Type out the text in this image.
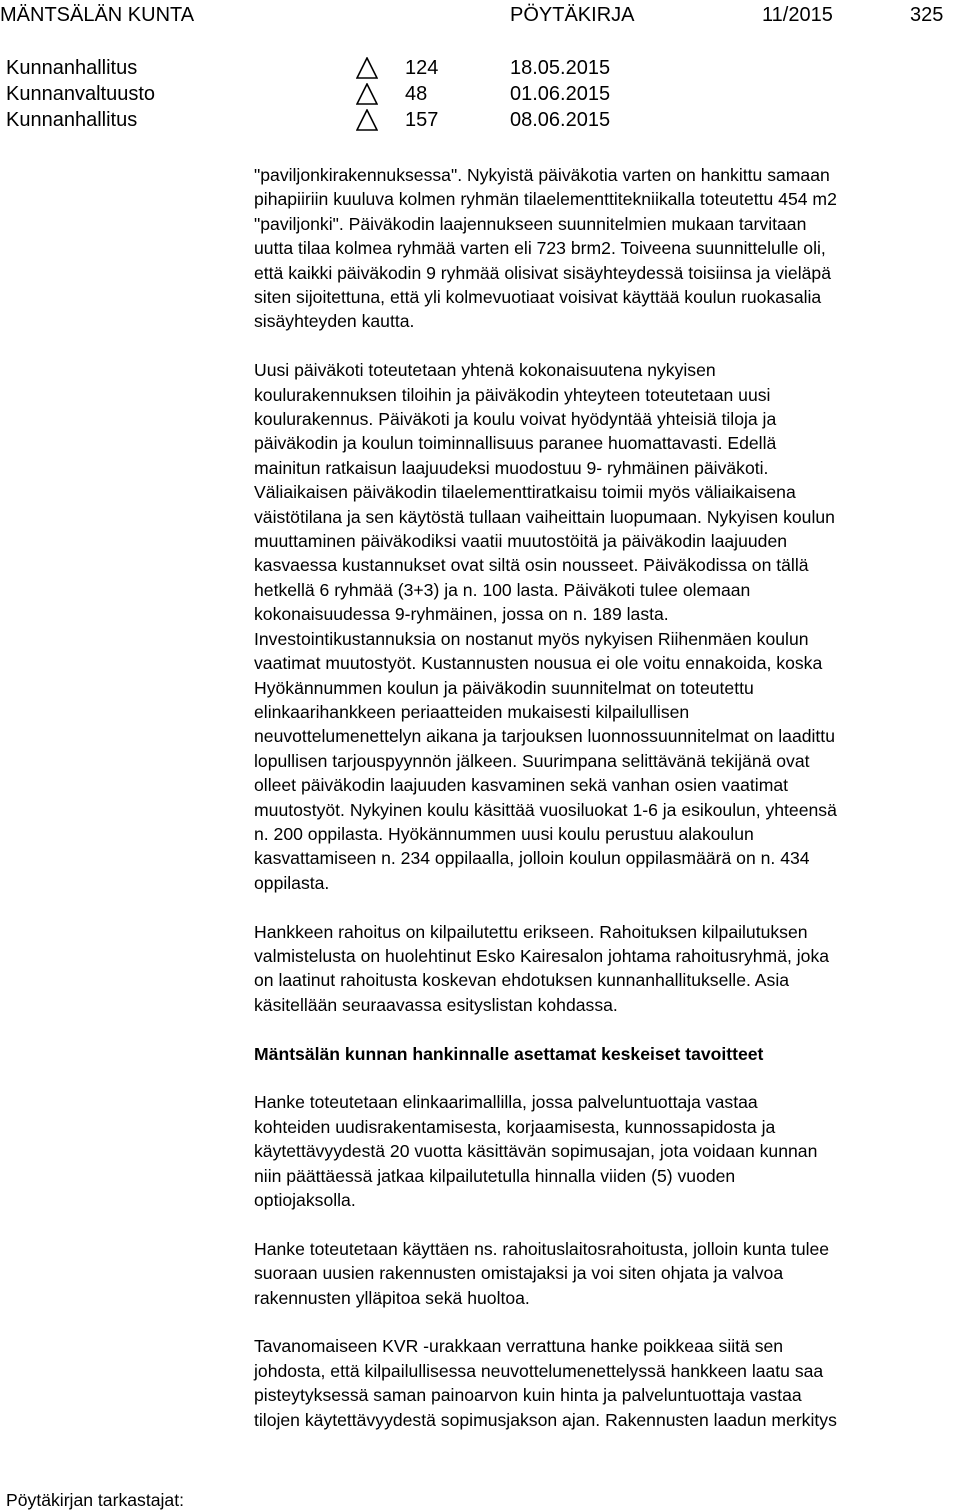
MÄNTSÄLÄN KUNTA	PÖYTÄKIRJA	11/2015	325
Kunnanhallitus	124	18.05.2015
Kunnanvaltuusto	48	01.06.2015
Kunnanhallitus	157	08.06.2015

"paviljonkirakennuksessa". Nykyistä päiväkotia varten on hankittu samaan

pihapiiriin kuuluva kolmen ryhmän tilaelementtitekniikalla toteutettu 454 m2

"paviljonki". Päiväkodin laajennukseen suunnitelmien mukaan tarvitaan

uutta tilaa kolmea ryhmää varten eli 723 brm2. Toiveena suunnittelulle oli,

että kaikki päiväkodin 9 ryhmää olisivat sisäyhteydessä toisiinsa ja vieläpä

siten sijoitettuna, että yli kolmevuotiaat voisivat käyttää koulun ruokasalia

sisäyhteyden kautta.

Uusi päiväkoti toteutetaan yhtenä kokonaisuutena nykyisen

koulurakennuksen tiloihin ja päiväkodin yhteyteen toteutetaan uusi

koulurakennus. Päiväkoti ja koulu voivat hyödyntää yhteisiä tiloja ja

päiväkodin ja koulun toiminnallisuus paranee huomattavasti. Edellä

mainitun ratkaisun laajuudeksi muodostuu 9- ryhmäinen päiväkoti.

Väliaikaisen päiväkodin tilaelementtiratkaisu toimii myös väliaikaisena

väistötilana ja sen käytöstä tullaan vaiheittain luopumaan. Nykyisen koulun

muuttaminen päiväkodiksi vaatii muutostöitä ja päiväkodin laajuuden

kasvaessa kustannukset ovat siltä osin nousseet. Päiväkodissa on tällä

hetkellä 6 ryhmää (3+3) ja n. 100 lasta. Päiväkoti tulee olemaan

kokonaisuudessa 9-ryhmäinen, jossa on n. 189 lasta.

Investointikustannuksia on nostanut myös nykyisen Riihenmäen koulun

vaatimat muutostyöt. Kustannusten nousua ei ole voitu ennakoida, koska

Hyökännummen koulun ja päiväkodin suunnitelmat on toteutettu

elinkaarihankkeen periaatteiden mukaisesti kilpailullisen

neuvottelumenettelyn aikana ja tarjouksen luonnossuunnitelmat on laadittu

lopullisen tarjouspyynnön jälkeen. Suurimpana selittävänä tekijänä ovat

olleet päiväkodin laajuuden kasvaminen sekä vanhan osien vaatimat

muutostyöt. Nykyinen koulu käsittää vuosiluokat 1-6 ja esikoulun, yhteensä

n. 200 oppilasta. Hyökännummen uusi koulu perustuu alakoulun

kasvattamiseen n. 234 oppilaalla, jolloin koulun oppilasmäärä on n. 434

oppilasta.

Hankkeen rahoitus on kilpailutettu erikseen. Rahoituksen kilpailutuksen

valmistelusta on huolehtinut Esko Kairesalon johtama rahoitusryhmä, joka

on laatinut rahoitusta koskevan ehdotuksen kunnanhallitukselle. Asia

käsitellään seuraavassa esityslistan kohdassa.

Mäntsälän kunnan hankinnalle asettamat keskeiset tavoitteet

Hanke toteutetaan elinkaarimallilla, jossa palveluntuottaja vastaa

kohteiden uudisrakentamisesta, korjaamisesta, kunnossapidosta ja

käytettävyydestä 20 vuotta käsittävän sopimusajan, jota voidaan kunnan

niin päättäessä jatkaa kilpailutetulla hinnalla viiden (5) vuoden

optiojaksolla.

Hanke toteutetaan käyttäen ns. rahoituslaitosrahoitusta, jolloin kunta tulee

suoraan uusien rakennusten omistajaksi ja voi siten ohjata ja valvoa

rakennusten ylläpitoa sekä huoltoa.

Tavanomaiseen KVR -urakkaan verrattuna hanke poikkeaa siitä sen

johdosta, että kilpailullisessa neuvottelumenettelyssä hankkeen laatu saa

pisteytyksessä saman painoarvon kuin hinta ja palveluntuottaja vastaa

tilojen käytettävyydestä sopimusjakson ajan. Rakennusten laadun merkitys

Pöytäkirjan tarkastajat:
